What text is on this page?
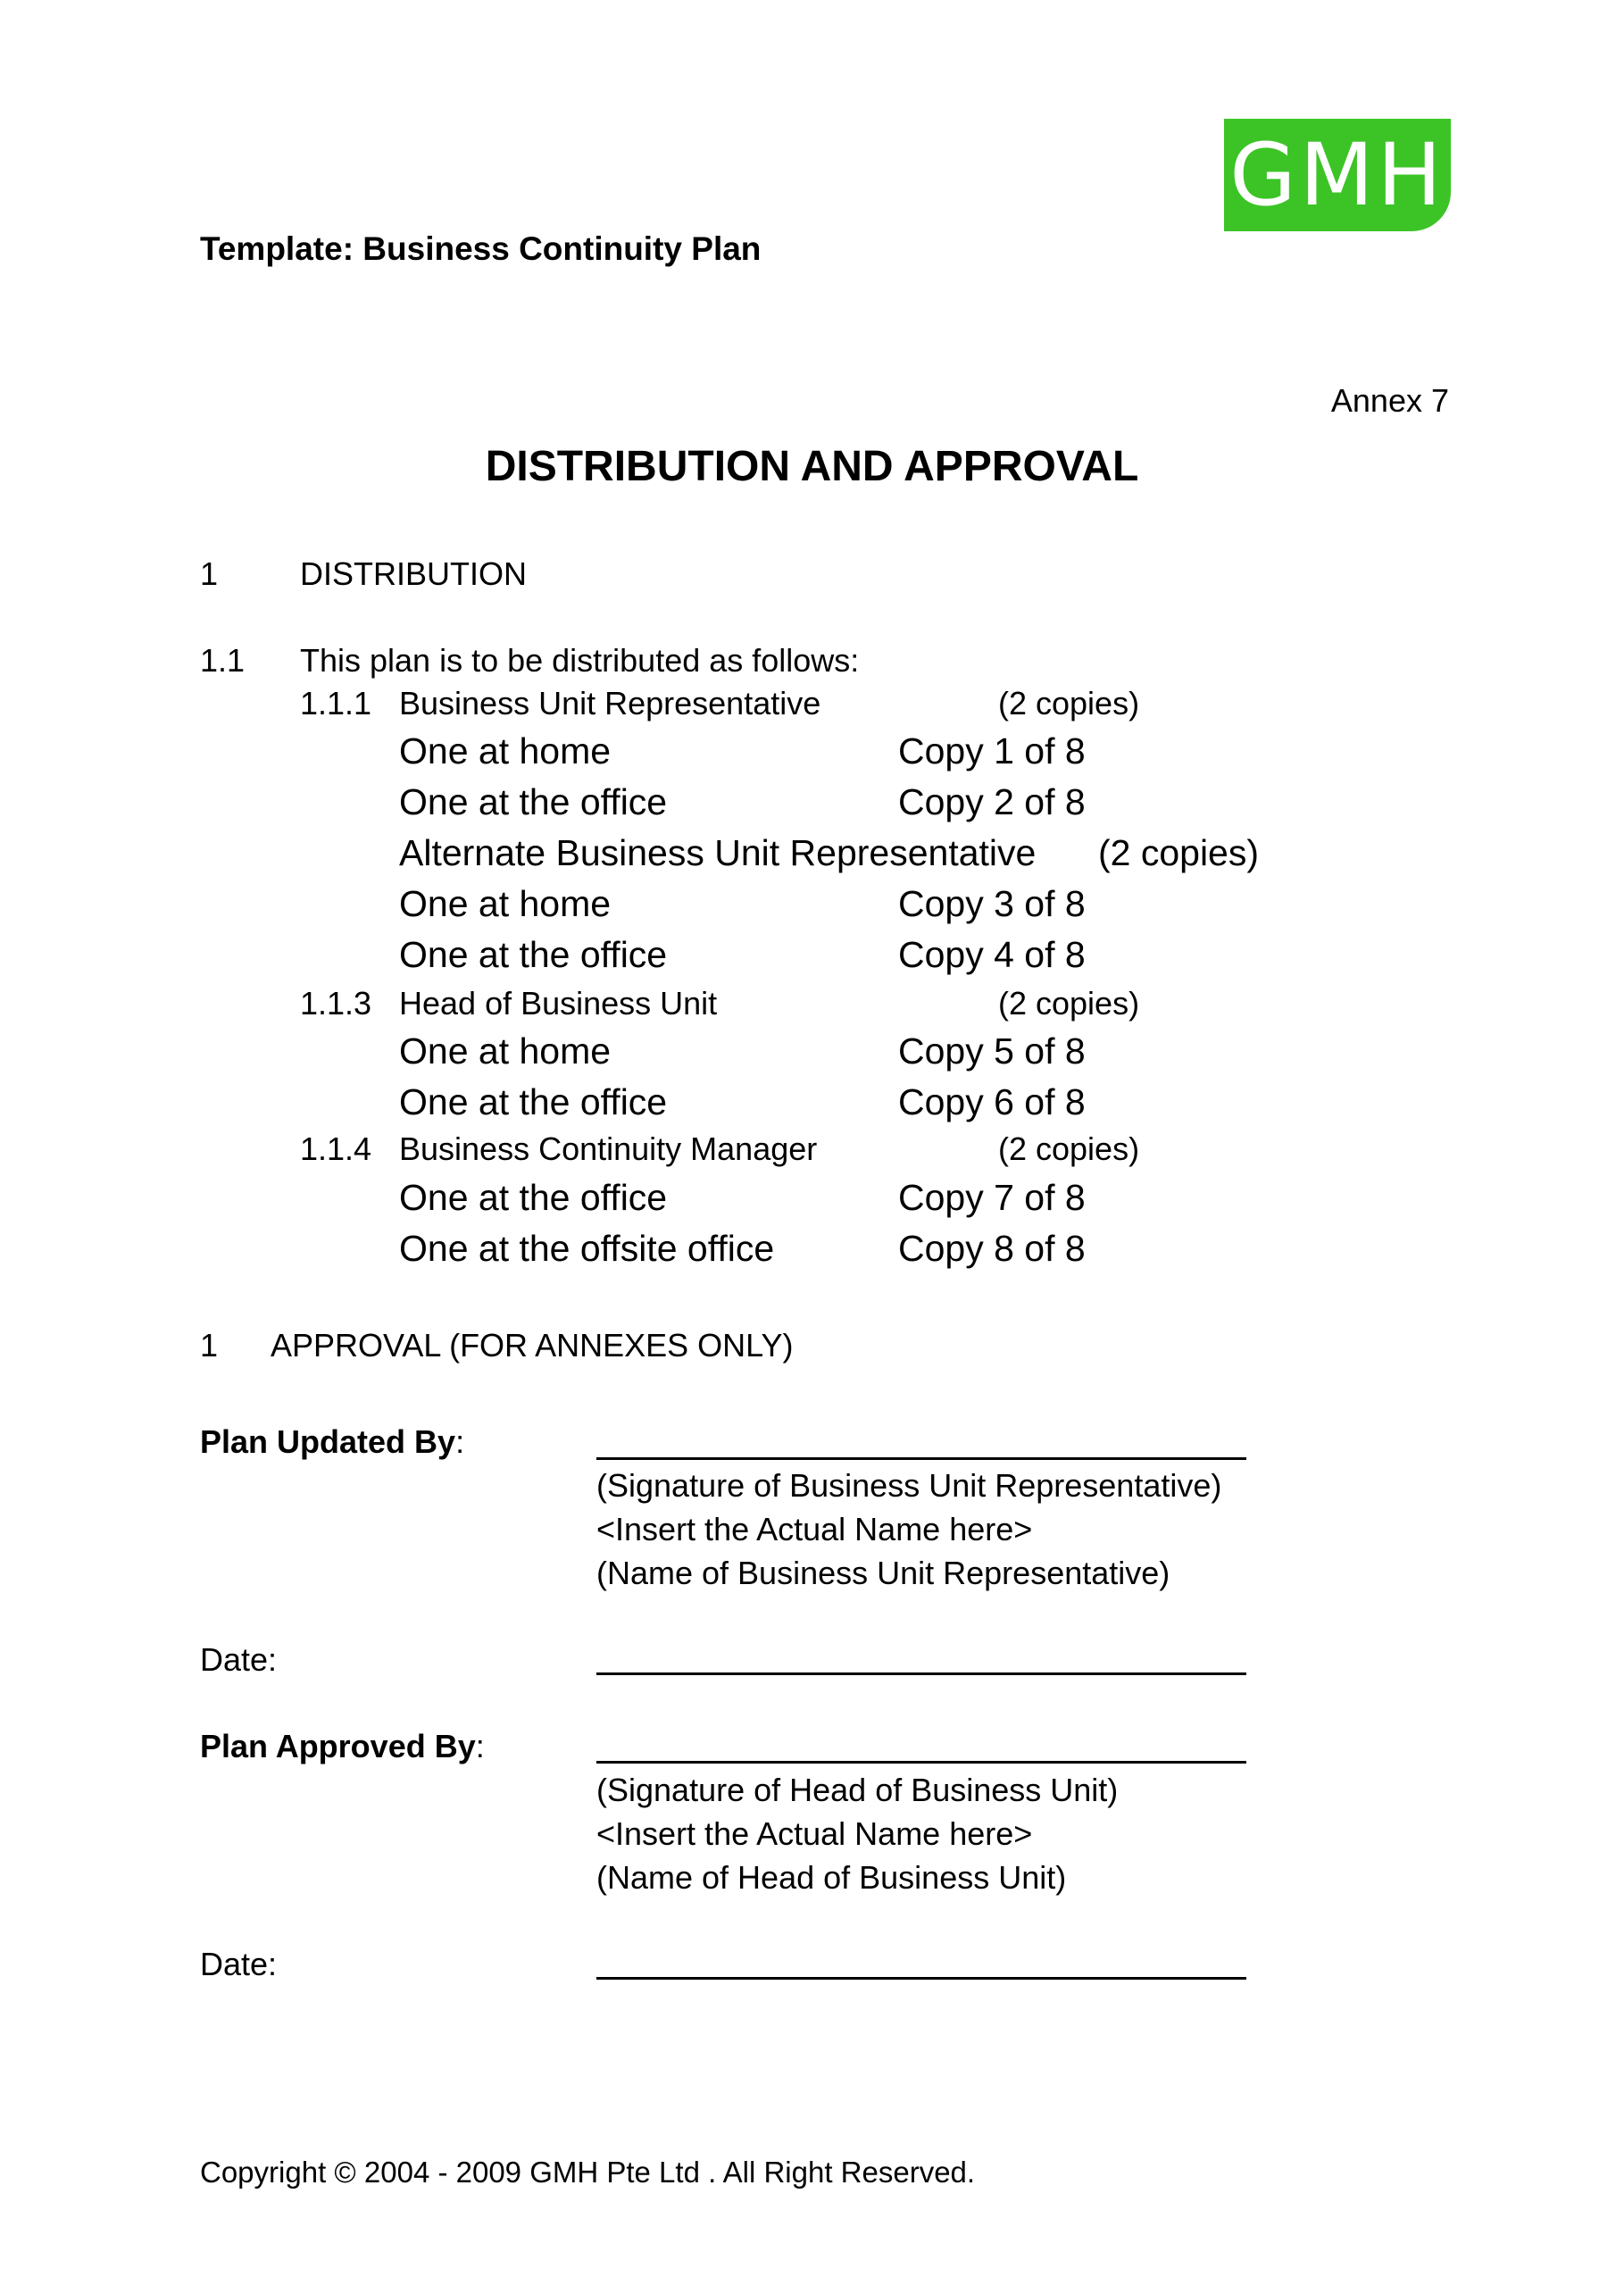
GMH
Template: Business Continuity Plan
Annex 7
DISTRIBUTION AND APPROVAL
1	DISTRIBUTION
1.1 This plan is to be distributed as follows:
1.1.1 Business Unit Representative	(2 copies)
One at home	Copy 1 of 8
One at the office	Copy 2 of 8
Alternate Business Unit Representative (2 copies)
One at home	Copy 3 of 8
One at the office	Copy 4 of 8
1.1.3 Head of Business Unit	(2 copies)
One at home	Copy 5 of 8
One at the office	Copy 6 of 8
1.1.4 Business Continuity Manager	(2 copies)
One at the office	Copy 7 of 8
One at the offsite office	Copy 8 of 8
1 APPROVAL (FOR ANNEXES ONLY)
Plan Updated By:
(Signature of Business Unit Representative)
<Insert the Actual Name here>
(Name of Business Unit Representative)
Date:
Plan Approved By:
(Signature of Head of Business Unit)
<Insert the Actual Name here>
(Name of Head of Business Unit)
Date:
Copyright © 2004 - 2009 GMH Pte Ltd . All Right Reserved.
